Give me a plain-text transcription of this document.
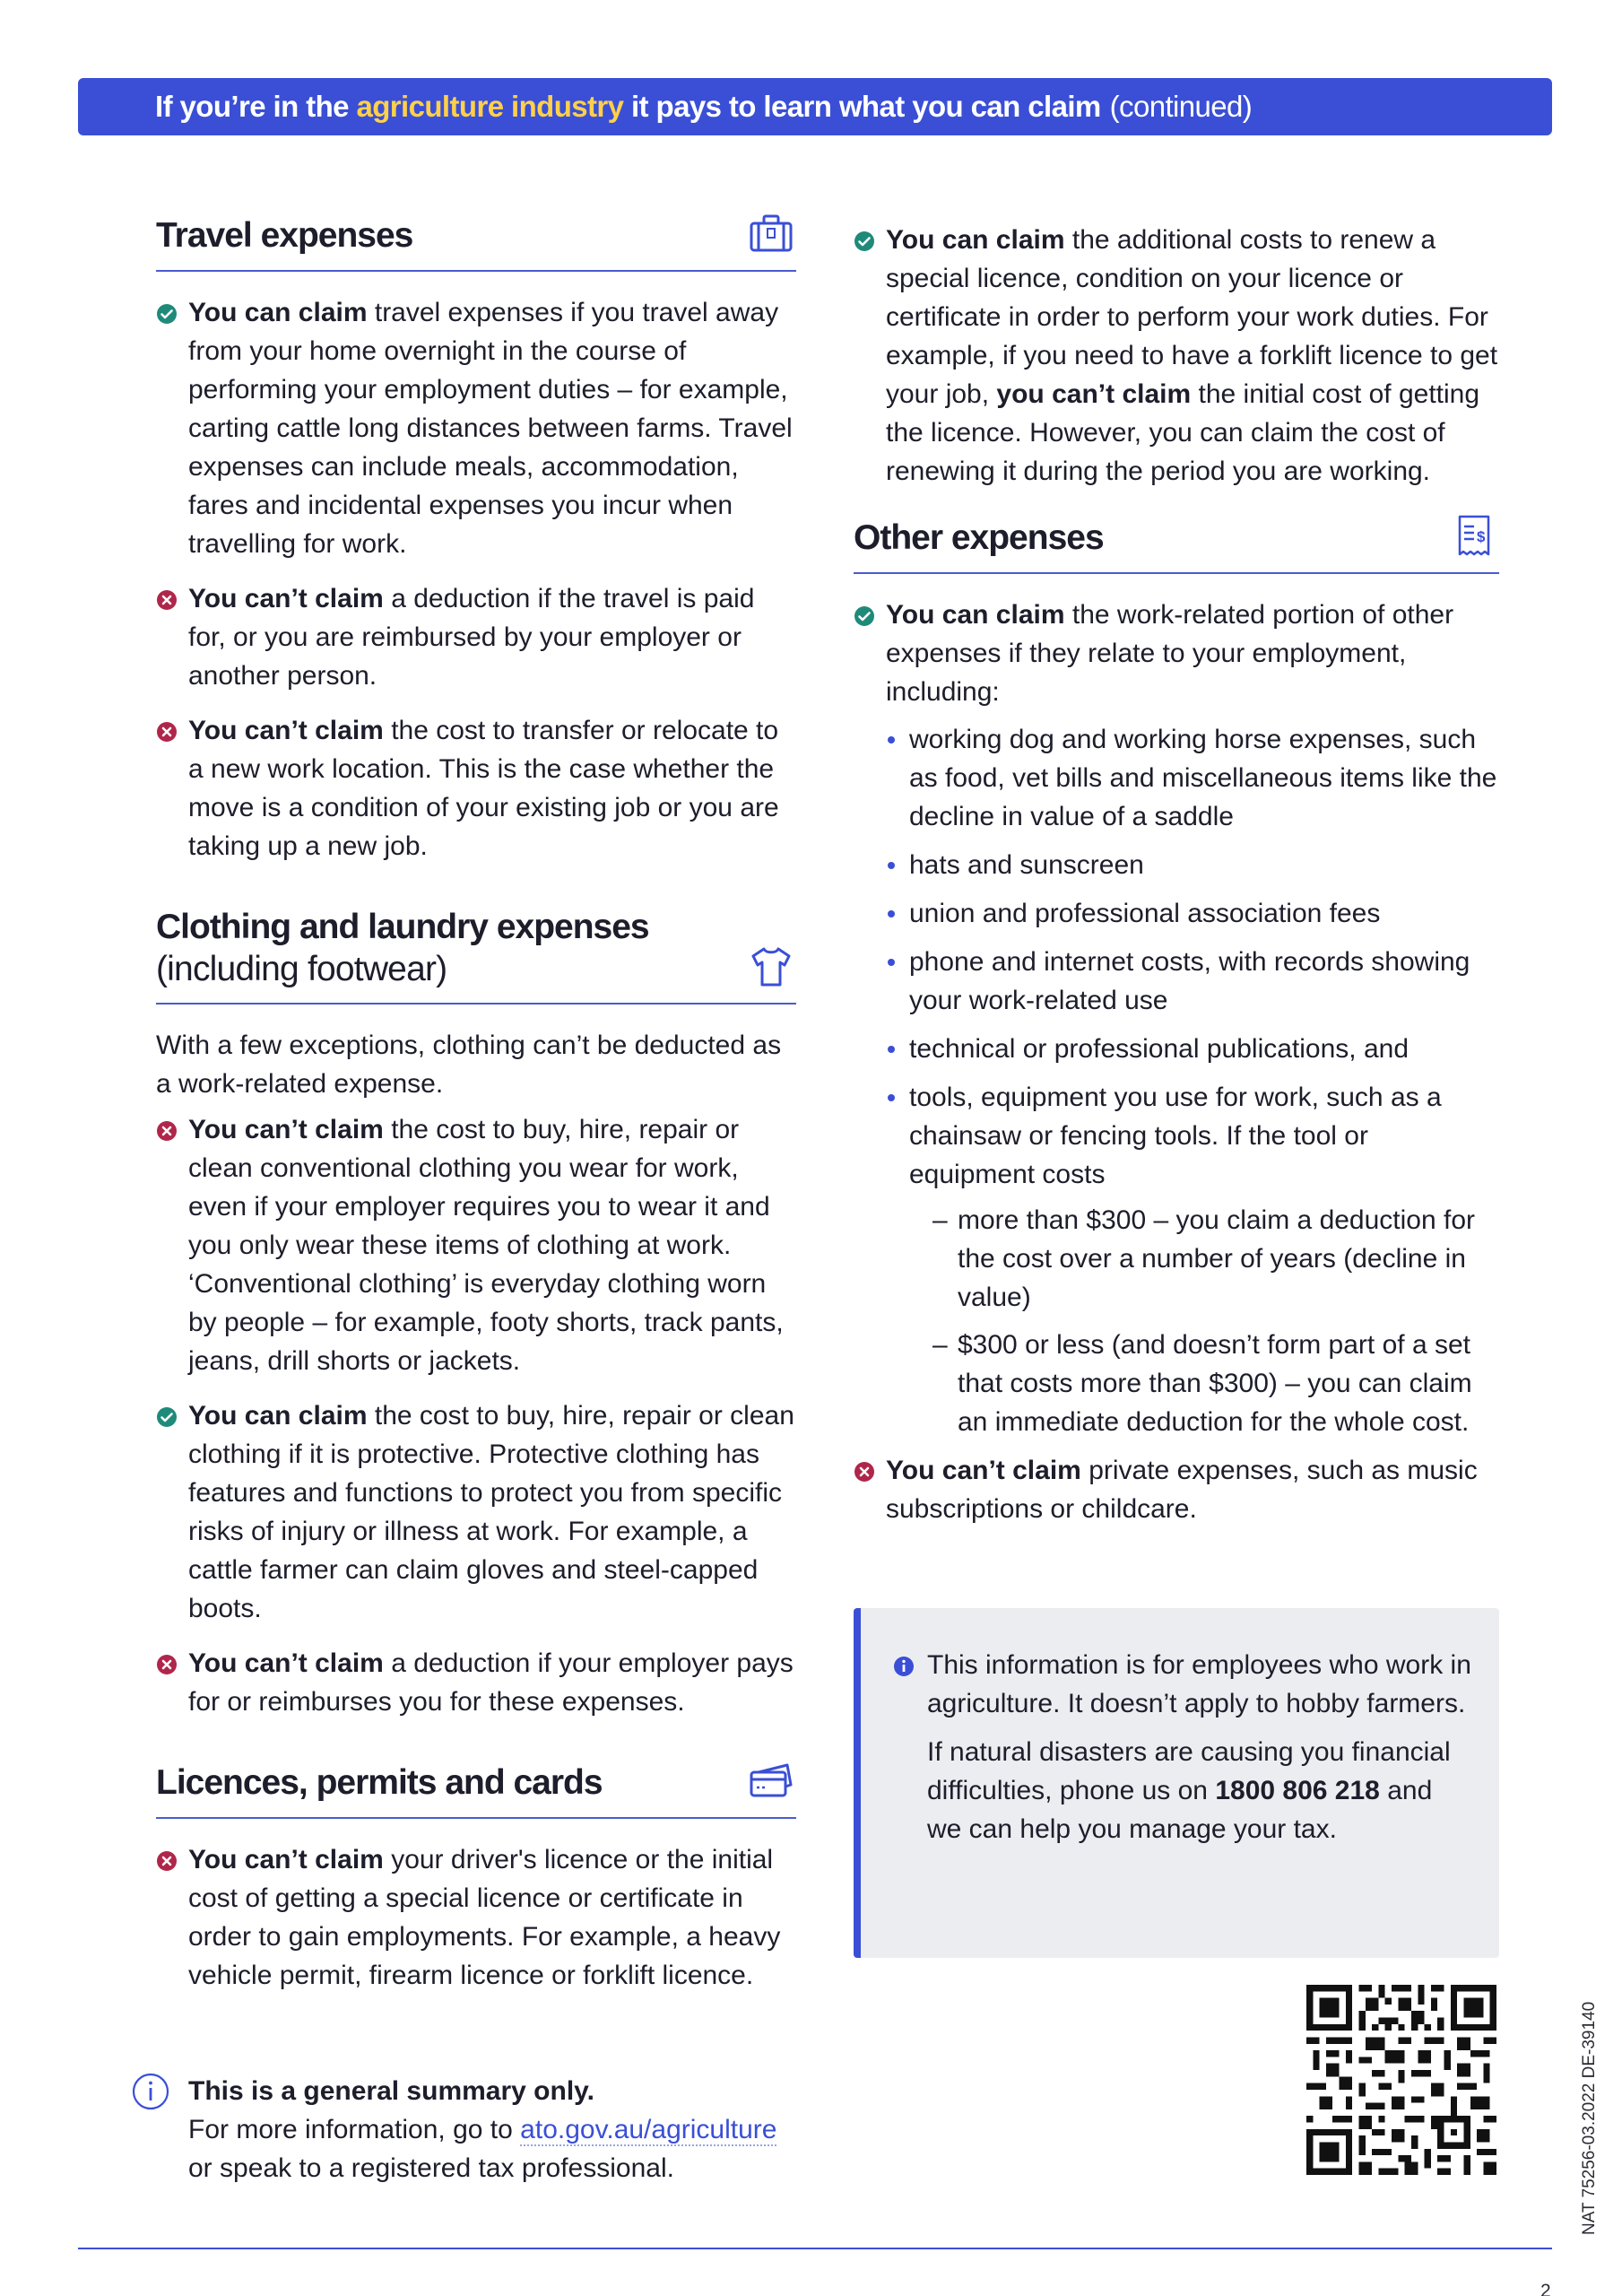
If you’re in the
agriculture industry
it pays to learn what you can claim (continued)
Travel expenses
You can claim travel expenses if you travel away from your home overnight in the course of performing your employment duties – for example, carting cattle long distances between farms. Travel expenses can include meals, accommodation, fares and incidental expenses you incur when travelling for work.
You can’t claim a deduction if the travel is paid for, or you are reimbursed by your employer or another person.
You can’t claim the cost to transfer or relocate to a new work location. This is the case whether the move is a condition of your existing job or you are taking up a new job.
Clothing and laundry expenses
(including footwear)
With a few exceptions, clothing can’t be deducted as a work-related expense.
You can’t claim the cost to buy, hire, repair or clean conventional clothing you wear for work, even if your employer requires you to wear it and you only wear these items of clothing at work. ‘Conventional clothing’ is everyday clothing worn by people – for example, footy shorts, track pants, jeans, drill shorts or jackets.
You can claim the cost to buy, hire, repair or clean clothing if it is protective. Protective clothing has features and functions to protect you from specific risks of injury or illness at work. For example, a cattle farmer can claim gloves and steel-capped boots.
You can’t claim a deduction if your employer pays for or reimburses you for these expenses.
Licences, permits and cards
You can’t claim your driver's licence or the initial cost of getting a special licence or certificate in order to gain employments. For example, a heavy vehicle permit, firearm licence or forklift licence.
You can claim the additional costs to renew a special licence, condition on your licence or certificate in order to perform your work duties. For example, if you need to have a forklift licence to get your job, you can’t claim the initial cost of getting the licence. However, you can claim the cost of renewing it during the period you are working.
Other expenses	$
You can claim the work-related portion of other expenses if they relate to your employment, including:
working dog and working horse expenses, such as food, vet bills and miscellaneous items like the decline in value of a saddle
hats and sunscreen
union and professional association fees
phone and internet costs, with records showing your work-related use
technical or professional publications, and
tools, equipment you use for work, such as a chainsaw or fencing tools. If the tool or equipment costs
– more than $300 – you claim a deduction for the cost over a number of years (decline in value)
– $300 or less (and doesn’t form part of a set that costs more than $300) – you can claim an immediate deduction for the whole cost.
You can’t claim private expenses, such as music subscriptions or childcare.
This information is for employees who work in agriculture. It doesn’t apply to hobby farmers.
If natural disasters are causing you financial difficulties, phone us on 1800 806 218 and we can help you manage your tax.
This is a general summary only.
For more information, go to ato.gov.au/agriculture
or speak to a registered tax professional.	NAT 75256-03.2022 DE-39140
2
